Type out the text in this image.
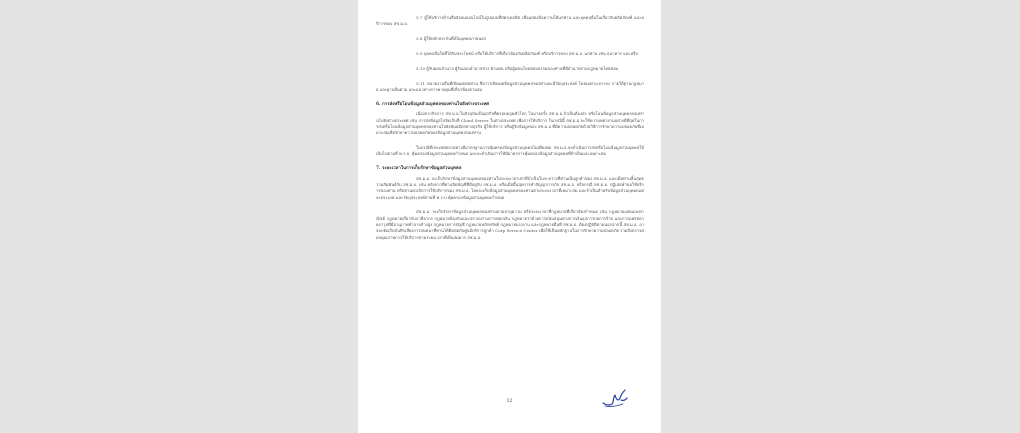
5.7 ผู้ให้บริการด้านสื่อสังคมออนไลน์ในรูปแบบที่บัตรเครดิต เพื่อแสดงข้อความให้แก่ท่าน และบุคคลอื่นในเกี่ยวกับผลิตภัณฑ์ และบริการของ สช.ม.อ.

5.8 ผู้ให้หลักประกันที่เป็นบุคคลภายนอก

5.9 บุคคลอื่นใดที่ได้รับประโยชน์ หรือให้บริการที่เกี่ยวข้องกับผลิตภัณฑ์ หรือบริการของ สช.ม.อ. แก่ท่าน เช่น ธนาคาร และหรือ

5.10 ผู้รับมอบอำนาจ ผู้รับมอบอำนาจช่วง ตัวแทน หรือผู้แทนโดยชอบธรรมของท่านที่มีอำนาจตามกฎหมายโดยชอบ

5.11 หน่วยงานอื่นที่เปิดเผยต่อท่าน ซึ่งการเปิดเผยข้อมูลส่วนบุคคลของท่านจะมีวัตถุประสงค์ โดยเฉพาะเจาะจง ภายใต้ฐานกฎหมาย และฐานอื่นตาม และแนวทางการควบคุมที่เกี่ยวข้องตามสม

6. การส่งหรือโอนข้อมูลส่วนบุคคลของท่านไปยังต่างประเทศ

เนื่องจากกิจการ สช.ม.อ.ในปัจจุบันเป็นธุรกิจที่ครอบคลุมทั่วโลก ในบางครั้ง สช.ม.อ.จำเป็นต้องส่ง หรือโอนข้อมูลส่วนบุคคลของท่านไปยังต่างประเทศ เช่น การส่งข้อมูลไปจัดเก็บที่ Cloud Server ในต่างประเทศ เพื่อการให้บริการ ในกรณีนี้ สช.ม.อ.จะใช้ความพยายามอย่างดีที่สุดในการส่งหรือโอนข้อมูลส่วนบุคคลของท่านไปยังพันธมิตรทางธุรกิจ ผู้ให้บริการ หรือผู้รับข้อมูลของ สช.ม.อ.ที่มีความปลอดภัยด้วยวิธีการรักษาความปลอดภัยที่เหมาะสมเพื่อรักษาความปลอดภัยของข้อมูลส่วนบุคคลของท่าน

ในกรณีที่ประเทศปลายทางมีมาตรฐานการคุ้มครองข้อมูลส่วนบุคคลไม่เพียงพอ สช.ม.อ.จะดำเนินการส่งหรือโอนข้อมูลส่วนบุคคลให้เป็นไปตามที่ พ.ร.บ. คุ้มครองข้อมูลส่วนบุคคลกำหนด และจะดำเนินการให้มีมาตรการคุ้มครองข้อมูลส่วนบุคคลที่จำเป็นและเหมาะสม

7. ระยะเวลาในการเก็บรักษาข้อมูลส่วนบุคคล

สช.ม.อ. จะเก็บรักษาข้อมูลส่วนบุคคลของท่านในระยะเวลาเท่าที่จำเป็นในระหว่างที่ท่านเป็นลูกค้าของ สช.ม.อ. และเมื่อท่านสิ้นสุดความสัมพันธ์กับ สช.ม.อ. เช่น หลังจากที่ท่านปิดบัญชีที่มีอยู่กับ สช.ม.อ. หรือเมื่อสิ้นสุดการทำสัญญาการกับ สช.ม.อ. หรือกรณี สช.ม.อ. ปฏิเสธคำขอใช้บริการของท่าน หรือท่านยกเลิกการใช้บริการของ สช.ม.อ. โดยจะเก็บข้อมูลส่วนบุคคลของท่านตามระยะเวลาที่เหมาะสม และจำเป็นสำหรับข้อมูลส่วนบุคคลแต่ละประเภท และวัตถุประสงค์ตามที่ พ.ร.บ.คุ้มครองข้อมูลส่วนบุคคลกำหนด

สช.ม.อ. จะเก็บรักษาข้อมูลส่วนบุคคลของท่านตามอายุความ หรือระยะเวลาที่กฎหมายที่เกี่ยวข้องกำหนด เช่น กฎหมายแพ่งและพาณิชย์ กฎหมายเกี่ยวกับภาษีอากร กฎหมายป้องกันและปราบปรามการฟอกเงิน กฎหมายว่าด้วยการสนับสนุนทางการเงินแก่การก่อการร้าย และการแพร่ขยายอาวุธที่มีอานุภาพทำลายล้างสูง กฎหมายการบัญชี กฎหมายหลักทรัพย์ กฎหมายแรงงาน และกฎหมายอื่นที่ สช.ม.อ. ต้องปฏิบัติตามนอกจากนี้ สช.ม.อ. อาจจะจัดเก็บบันทึกเสียงการสนทนาที่ท่านได้ติดต่อกับศูนย์บริการลูกค้า Corp Service Center เพื่อใช้เป็นหลักฐานในการรักษาความปลอดภัย รวมถึงตรวจสอบคุณภาพการให้บริการตามระยะเวลาที่เห็นสมควร สช.ม.อ.

12
